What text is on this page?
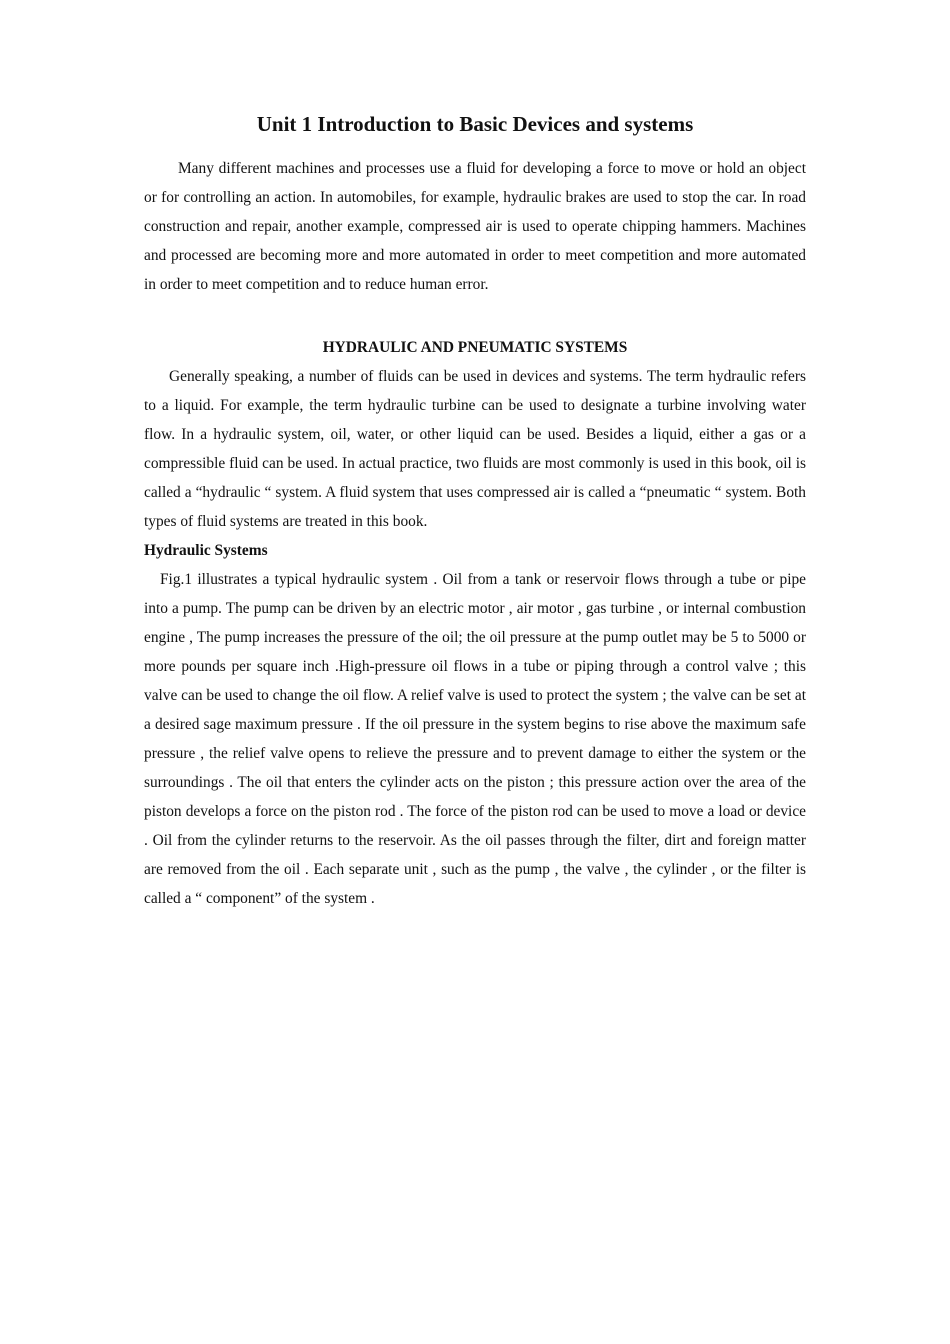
Unit 1 Introduction to Basic Devices and systems

Many different machines and processes use a fluid for developing a force to move or hold an object or for controlling an action. In automobiles, for example, hydraulic brakes are used to stop the car. In road construction and repair, another example, compressed air is used to operate chipping hammers. Machines and processed are becoming more and more automated in order to meet competition and more automated in order to meet competition and to reduce human error.

HYDRAULIC AND PNEUMATIC SYSTEMS

Generally speaking, a number of fluids can be used in devices and systems. The term hydraulic refers to a liquid. For example, the term hydraulic turbine can be used to designate a turbine involving water flow. In a hydraulic system, oil, water, or other liquid can be used. Besides a liquid, either a gas or a compressible fluid can be used. In actual practice, two fluids are most commonly is used in this book, oil is called a “hydraulic “ system. A fluid system that uses compressed air is called a “pneumatic “ system. Both types of fluid systems are treated in this book.

Hydraulic Systems

Fig.1 illustrates a typical hydraulic system . Oil from a tank or reservoir flows through a tube or pipe into a pump. The pump can be driven by an electric motor , air motor , gas turbine , or internal combustion engine , The pump increases the pressure of the oil; the oil pressure at the pump outlet may be 5 to 5000 or more pounds per square inch .High-pressure oil flows in a tube or piping through a control valve ; this valve can be used to change the oil flow. A relief valve is used to protect the system ; the valve can be set at a desired sage maximum pressure . If the oil pressure in the system begins to rise above the maximum safe pressure , the relief valve opens to relieve the pressure and to prevent damage to either the system or the surroundings . The oil that enters the cylinder acts on the piston ; this pressure action over the area of the piston develops a force on the piston rod . The force of the piston rod can be used to move a load or device . Oil from the cylinder returns to the reservoir. As the oil passes through the filter, dirt and foreign matter are removed from the oil . Each separate unit , such as the pump , the valve , the cylinder , or the filter is called a “ component” of the system .
